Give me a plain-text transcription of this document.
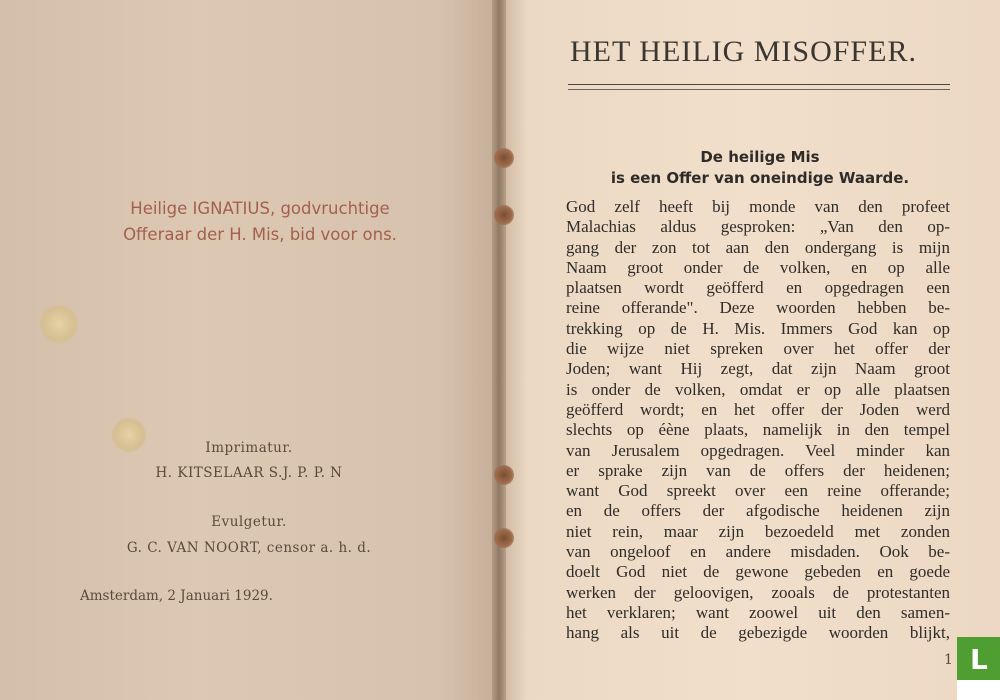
Heilige IGNATIUS, godvruchtige
Offeraar der H. Mis, bid voor ons.
Imprimatur.
H. KITSELAAR S.J. P. P. N
Evulgetur.
G. C. VAN NOORT, censor a. h. d.
Amsterdam, 2 Januari 1929.
HET HEILIG MISOFFER.
De heilige Mis
is een Offer van oneindige Waarde.
God zelf heeft bij monde van den profeet
Malachias aldus gesproken: „Van den op-
gang der zon tot aan den ondergang is mijn
Naam groot onder de volken, en op alle
plaatsen wordt geöfferd en opgedragen een
reine offerande". Deze woorden hebben be-
trekking op de H. Mis. Immers God kan op
die wijze niet spreken over het offer der
Joden; want Hij zegt, dat zijn Naam groot
is onder de volken, omdat er op alle plaatsen
geöfferd wordt; en het offer der Joden werd
slechts op éène plaats, namelijk in den tempel
van Jerusalem opgedragen. Veel minder kan
er sprake zijn van de offers der heidenen;
want God spreekt over een reine offerande;
en de offers der afgodische heidenen zijn
niet rein, maar zijn bezoedeld met zonden
van ongeloof en andere misdaden. Ook be-
doelt God niet de gewone gebeden en goede
werken der geloovigen, zooals de protestanten
het verklaren; want zoowel uit den samen-
hang als uit de gebezigde woorden blijkt,
1 L
